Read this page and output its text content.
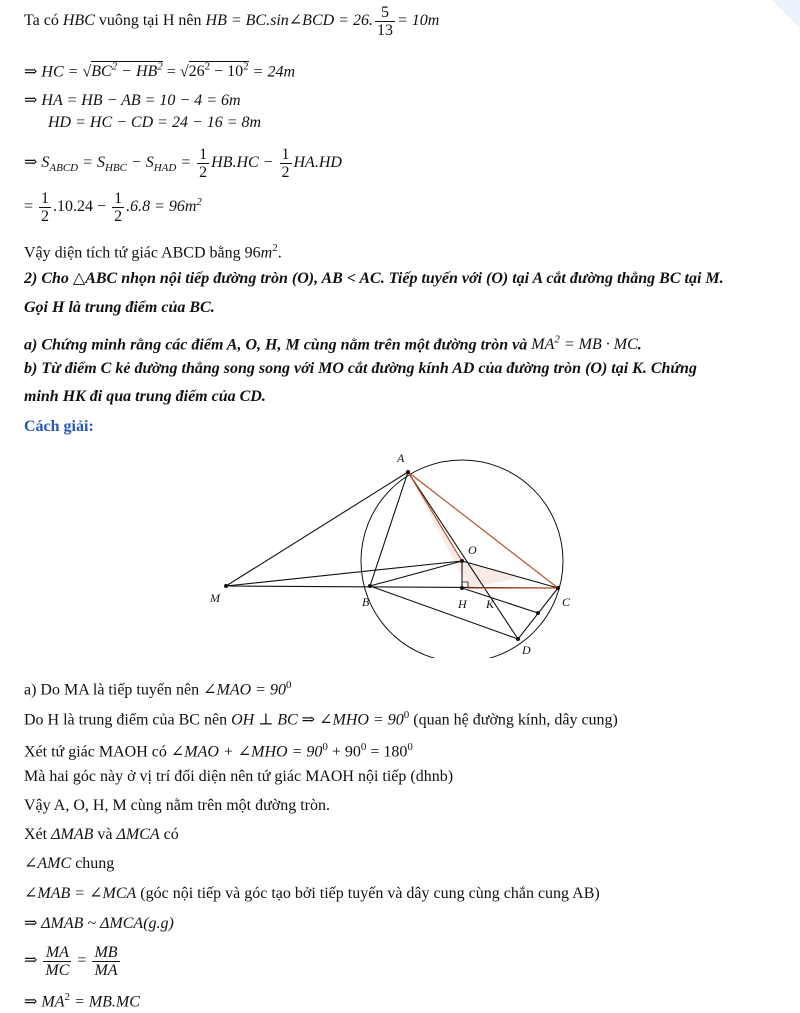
Ta có HBC vuông tại H nên HB = BC.sin∠BCD = 26. $\frac{5}{13} = 10m$
⇒ HC = $√BC^2 - HB^2 = √26^2 - 10^2 = 24m$
⇒ HA = HB − AB = 10 − 4 = 6m
HD = HC − CD = 24 − 16 = 8m
⇒ $S_{ABCD} = S_{HBC} - S_{HAD} = \frac{1}{2} HB.HC - \frac{1}{2} HA.HD$
= $\frac{1}{2} .10.24 - \frac{1}{2} .6.8 = 96m^2$
Vậy diện tích tứ giác ABCD bằng $96m^2$.
2) Cho △ABC nhọn nội tiếp đường tròn (O), AB < AC. Tiếp tuyến với (O) tại A cắt đường thẳng BC tại M.
Gọi H là trung điểm của BC.
a) Chứng minh rằng các điểm A, O, H, M cùng nằm trên một đường tròn và $MA^2$ = MB · MC.
b) Từ điểm C kẻ đường thẳng song song với MO cắt đường kính AD của đường tròn (O) tại K. Chứng
minh HK đi qua trung điểm của CD.
Cách giải:
A
O
M	B	H K	C
D
a) Do MA là tiếp tuyến nên ∠MAO = $90^0$
Do H là trung điểm của BC nên OH ⊥ BC ⇒ ∠MHO = $90^0$ (quan hệ đường kính, dây cung)
Xét tứ giác MAOH có ∠MAO + ∠MHO = $90^0 + 90^0 = 180^0$
Mà hai góc này ở vị trí đối diện nên tứ giác MAOH nội tiếp (dhnb)
Vậy A, O, H, M cùng nằm trên một đường tròn.
Xét ΔMAB và ΔMCA có
∠AMC chung
∠MAB = ∠MCA (góc nội tiếp và góc tạo bởi tiếp tuyến và dây cung cùng chắn cung AB)
⇒ ΔMAB ~ ΔMCA(g.g)
⇒ $\frac{MA}{MC} = \frac{MB}{MA}$
⇒ $MA^2 = MB.MC$
